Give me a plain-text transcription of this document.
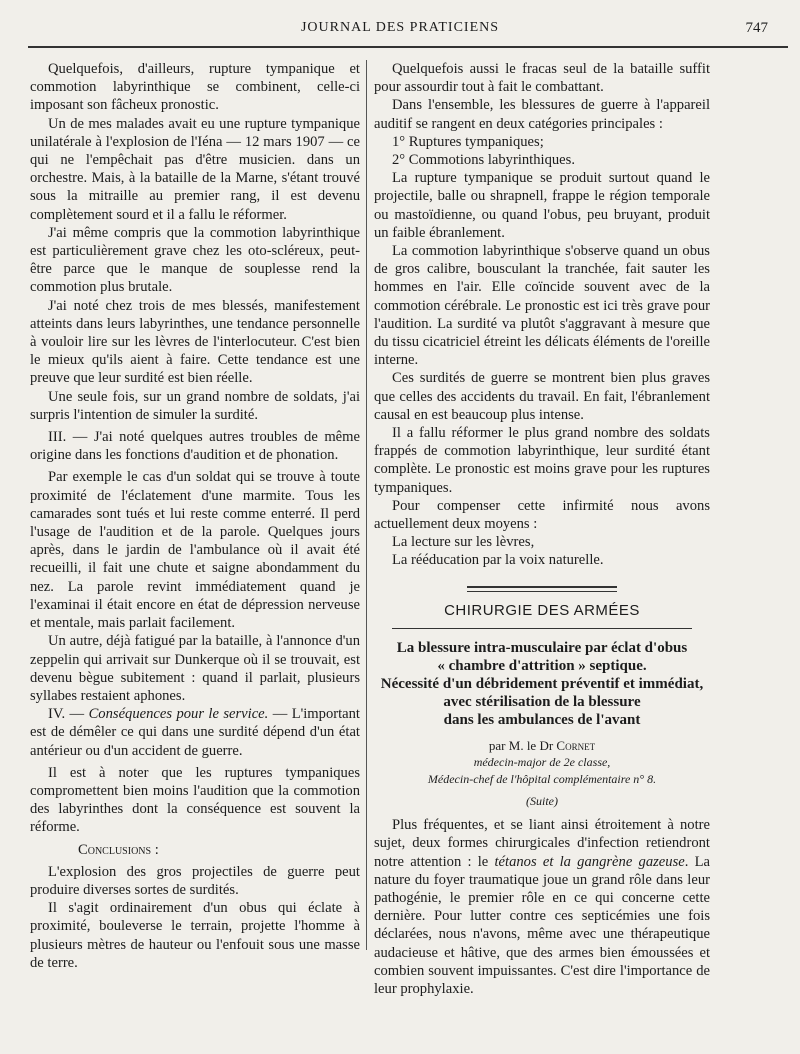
JOURNAL DES PRATICIENS	747

Quelquefois, d'ailleurs, rupture tympanique et commotion labyrinthique se combinent, celle-ci imposant son fâcheux pronostic.

Un de mes malades avait eu une rupture tympanique unilatérale à l'explosion de l'Iéna — 12 mars 1907 — ce qui ne l'empêchait pas d'être musicien. dans un orchestre. Mais, à la bataille de la Marne, s'étant trouvé sous la mitraille au premier rang, il est devenu complètement sourd et il a fallu le réformer.

J'ai même compris que la commotion labyrinthique est particulièrement grave chez les oto-scléreux, peut-être parce que le manque de souplesse rend la commotion plus brutale.

J'ai noté chez trois de mes blessés, manifestement atteints dans leurs labyrinthes, une tendance personnelle à vouloir lire sur les lèvres de l'interlocuteur. C'est bien le mieux qu'ils aient à faire. Cette tendance est une preuve que leur surdité est bien réelle.

Une seule fois, sur un grand nombre de soldats, j'ai surpris l'intention de simuler la surdité.

III. — J'ai noté quelques autres troubles de même origine dans les fonctions d'audition et de phonation.

Par exemple le cas d'un soldat qui se trouve à toute proximité de l'éclatement d'une marmite. Tous les camarades sont tués et lui reste comme enterré. Il perd l'usage de l'audition et de la parole. Quelques jours après, dans le jardin de l'ambulance où il avait été recueilli, il fait une chute et saigne abondamment du nez. La parole revint immédiatement quand je l'examinai il était encore en état de dépression nerveuse et mentale, mais parlait facilement.

Un autre, déjà fatigué par la bataille, à l'annonce d'un zeppelin qui arrivait sur Dunkerque où il se trouvait, est devenu bègue subitement : quand il parlait, plusieurs syllabes restaient aphones.

IV. — Conséquences pour le service. — L'important est de démêler ce qui dans une surdité dépend d'un état antérieur ou d'un accident de guerre.

Il est à noter que les ruptures tympaniques compromettent bien moins l'audition que la commotion des labyrinthes dont la conséquence est souvent la réforme.

Conclusions :

L'explosion des gros projectiles de guerre peut produire diverses sortes de surdités.

Il s'agit ordinairement d'un obus qui éclate à proximité, bouleverse le terrain, projette l'homme à plusieurs mètres de hauteur ou l'enfouit sous une masse de terre.

Quelquefois aussi le fracas seul de la bataille suffit pour assourdir tout à fait le combattant.

Dans l'ensemble, les blessures de guerre à l'appareil auditif se rangent en deux catégories principales :

1° Ruptures tympaniques;

2° Commotions labyrinthiques.

La rupture tympanique se produit surtout quand le projectile, balle ou shrapnell, frappe le région temporale ou mastoïdienne, ou quand l'obus, peu bruyant, produit un faible ébranlement.

La commotion labyrinthique s'observe quand un obus de gros calibre, bousculant la tranchée, fait sauter les hommes en l'air. Elle coïncide souvent avec de la commotion cérébrale. Le pronostic est ici très grave pour l'audition. La surdité va plutôt s'aggravant à mesure que du tissu cicatriciel étreint les délicats éléments de l'oreille interne.

Ces surdités de guerre se montrent bien plus graves que celles des accidents du travail. En fait, l'ébranlement causal en est beaucoup plus intense.

Il a fallu réformer le plus grand nombre des soldats frappés de commotion labyrinthique, leur surdité étant complète. Le pronostic est moins grave pour les ruptures tympaniques.

Pour compenser cette infirmité nous avons actuellement deux moyens :

La lecture sur les lèvres,

La rééducation par la voix naturelle.

CHIRURGIE DES ARMÉES
La blessure intra-musculaire par éclat d'obus
« chambre d'attrition » septique.
Nécessité d'un débridement préventif et immédiat,
avec stérilisation de la blessure
dans les ambulances de l'avant
par M. le Dr Cornet
médecin-major de 2e classe,
Médecin-chef de l'hôpital complémentaire n° 8.
(Suite)

Plus fréquentes, et se liant ainsi étroitement à notre sujet, deux formes chirurgicales d'infection retiendront notre attention : le tétanos et la gangrène gazeuse. La nature du foyer traumatique joue un grand rôle dans leur pathogénie, le premier rôle en ce qui concerne cette dernière. Pour lutter contre ces septicémies une fois déclarées, nous n'avons, même avec une thérapeutique audacieuse et hâtive, que des armes bien émoussées et combien souvent impuissantes. C'est dire l'importance de leur prophylaxie.
